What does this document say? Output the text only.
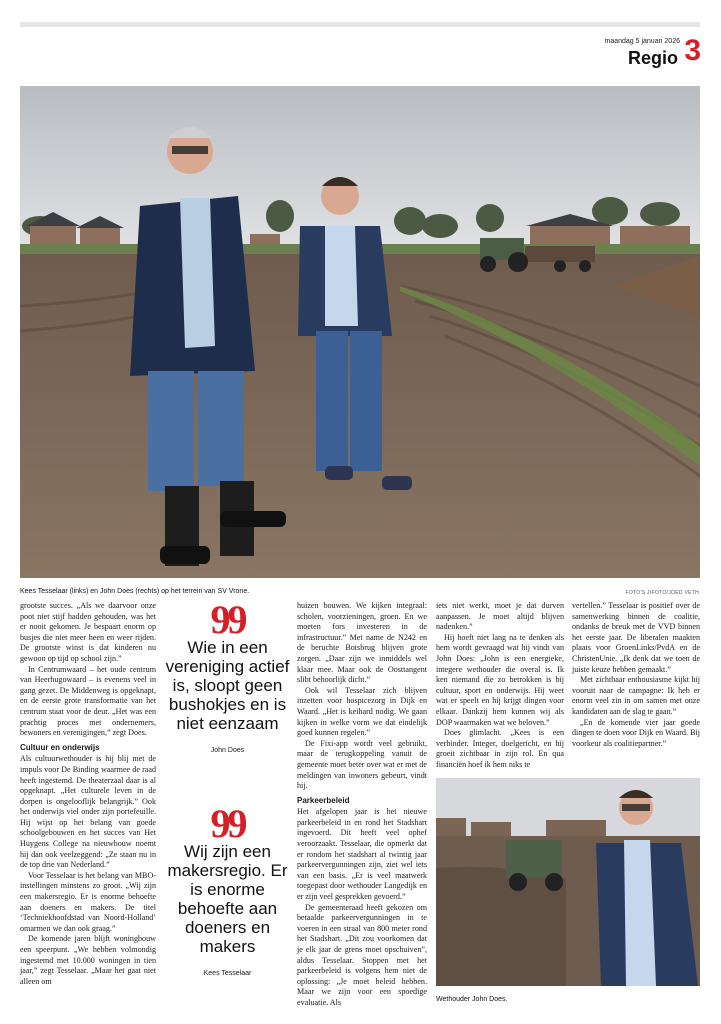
maandag 5 januari 2026
Regio 3
Kees Tesselaar (links) en John Does (rechts) op het terrein van SV Vrone.	FOTO'S JIFOTO/JOED VETH

grootste succes. „Als we daarvoor onze poot niet stijf hadden gehouden, was het er nooit gekomen. Je bespaart enorm op busjes die niet meer heen en weer rijden. De grootste winst is dat kinderen nu gewoon op tijd op school zijn.”

In Centrumwaard – het oude centrum van Heerhugowaard – is evenens veel in gang gezet. De Middenweg is opgeknapt, en de eerste grote transformatie van het centrum staat voor de deur. „Het was een prachtig proces met ondernemers, bewoners en verenigingen,” zegt Does.

Cultuur en onderwijs

Als cultuurwethouder is hij blij met de impuls voor De Binding waarmee de raad heeft ingestemd. De theaterzaal daar is al opgeknapt. „Het culturele leven in de dorpen is ongelooflijk belangrijk.” Ook het onderwijs viel onder zijn portefeuille. Hij wijst op het belang van goede schoolgebouwen en het succes van Het Huygens College na nieuwbouw noemt hij dan ook veelzeggend: „Ze staan nu in de top drie van Nederland.”

Voor Tesselaar is het belang van MBO-instellingen minstens zo groot. „Wij zijn een makersregio. Er is enorme behoefte aan doeners en makers. De titel ‘Techniekhoofdstad van Noord-Holland’ omarmen we dan ook graag.”

De komende jaren blijft woningbouw een speerpunt. „We hebben volmondig ingestemd met 10.000 woningen in tien jaar,” zegt Tesselaar. „Maar het gaat niet alleen om

99
Wie in een vereniging actief is, sloopt geen bushokjes en is niet eenzaam
John Does
99
Wij zijn een makersregio. Er is enorme behoefte aan doeners en makers
Kees Tesselaar

huizen bouwen. We kijken integraal: scholen, voorzieningen, groen. En we moeten fors investeren in de infrastructuur.” Met name de N242 en de beruchte Botsbrug blijven grote zorgen. „Daar zijn we inmiddels wel klaar mee. Maar ook de Oosttangent slibt behoorlijk dicht.”

Ook wil Tesselaar zich blijven inzetten voor hospicezorg in Dijk en Waard. „Het is keihard nodig. We gaan kijken in welke vorm we dat eindelijk goed kunnen regelen.”

De Fixi-app wordt veel gebruikt, maar de terugkoppeling vanuit de gemeente moet beter over wat er met de meldingen van inwoners gebeurt, vindt hij.

Parkeerbeleid

Het afgelopen jaar is het nieuwe parkeerbeleid in en rond het Stadshart ingevoerd. Dit heeft veel ophef veroorzaakt. Tesselaar, die opmerkt dat er rondom het stadshart al twintig jaar parkeervergunningen zijn, ziet wel iets van een basis. „Er is veel maatwerk toegepast door wethouder Langedijk en er zijn veel gesprekken gevoerd.”

De gemeenteraad heeft gekozen om betaalde parkeervergunningen in te voeren in een straal van 800 meter rond het Stadshart. „Dit zou voorkomen dat je elk jaar de grens moet opschuiven”, aldus Tesselaar. Stoppen met het parkeerbeleid is volgens hem niet de oplossing: „Je moet beleid hebben. Maar we zijn voor een spoedige evaluatie. Als

iets niet werkt, moet je dat durven aanpassen. Je moet altijd blijven nadenken.”

Hij hoeft niet lang na te denken als hem wordt gevraagd wat hij vindt van John Does: „John is een energieke, integere wethouder die overal is. Ik ken niemand die zo betrokken is bij cultuur, sport en onderwijs. Hij weet wat er speelt en hij krijgt dingen voor elkaar. Dankzij hem kunnen wij als DOP waarmaken wat we beloven.”

Does glimlacht. „Kees is een verbinder. Integer, doelgericht, en hij groeit zichtbaar in zijn rol. En qua financiën hoef ik hem niks te

vertellen.” Tesselaar is positief over de samenwerking binnen de coalitie, ondanks de breuk met de VVD binnen het eerste jaar. De liberalen maakten plaats voor GroenLinks/PvdA en de ChristenUnie. „Ik denk dat we toen de juiste keuze hebben gemaakt.”

Met zichtbaar enthousiasme kijkt hij vooruit naar de campagne: Ik heb er enorm veel zin in om samen met onze kandidaten aan de slag te gaan.”

„En de komende vier jaar goede dingen te doen voor Dijk en Waard. Bij voorkeur als coalitiepartner.”

Wethouder John Does.
